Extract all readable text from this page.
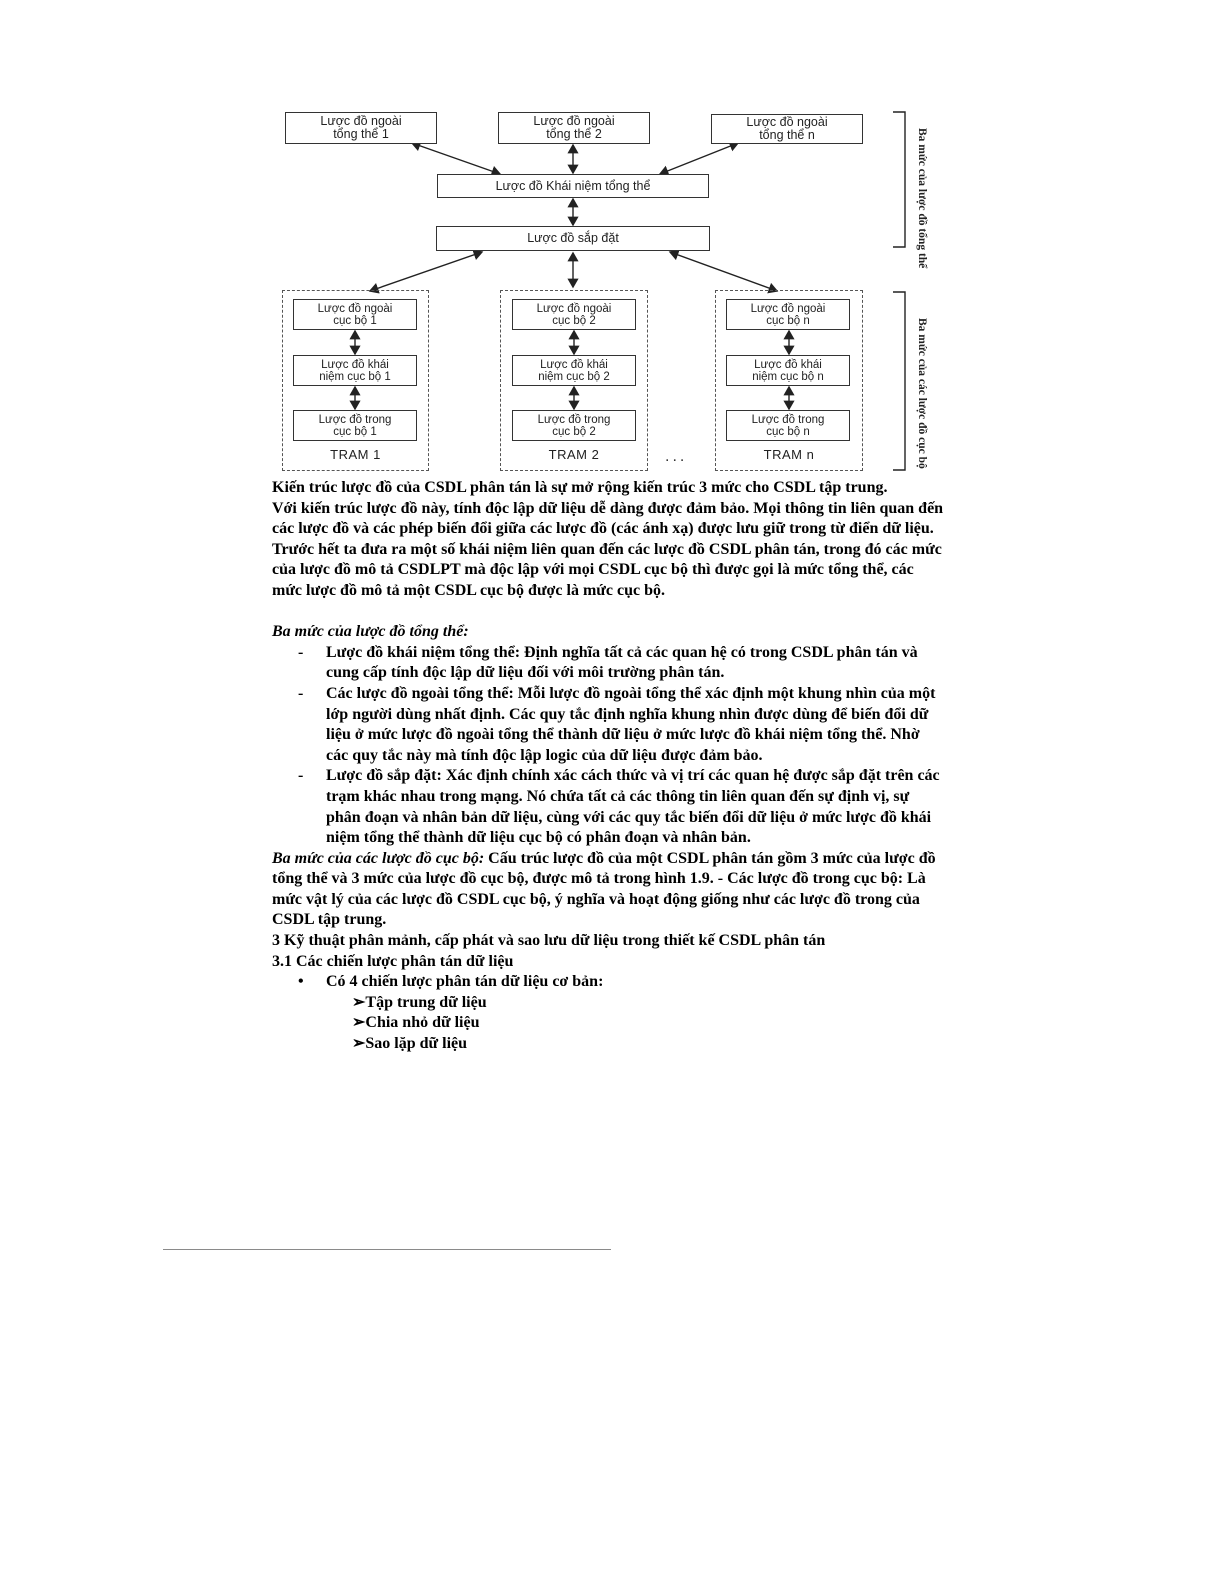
Lược đồ ngoài
tổng thể 1
Lược đồ ngoài
tổng thể 2
Lược đồ ngoài
tổng thể n
Lược đồ Khái niệm tổng thể
Lược đồ sắp đặt
Lược đồ ngoài
cục bộ 1
Lược đồ khái
niệm cục bộ 1
Lược đồ trong
cục bộ 1
TRAM 1
Lược đồ ngoài
cục bộ 2
Lược đồ khái
niệm cục bộ 2
Lược đồ trong
cục bộ 2
TRAM 2	...
Lược đồ ngoài
cục bộ n
Lược đồ khái
niệm cục bộ n
Lược đồ trong
cục bộ n
TRAM n
Ba mức của lược đồ tổng thể
Ba mức của các lược đồ cục bộ

Kiến trúc lược đồ của CSDL phân tán là sự mở rộng kiến trúc 3 mức cho CSDL tập trung.

Với kiến trúc lược đồ này, tính độc lập dữ liệu dễ dàng được đảm bảo. Mọi thông tin liên quan đến các lược đồ và các phép biến đổi giữa các lược đồ (các ánh xạ) được lưu giữ trong từ điển dữ liệu.

Trước hết ta đưa ra một số khái niệm liên quan đến các lược đồ CSDL phân tán, trong đó các mức của lược đồ mô tả CSDLPT mà độc lập với mọi CSDL cục bộ thì được gọi là mức tổng thể, các mức lược đồ mô tả một CSDL cục bộ được là mức cục bộ.

Ba mức của lược đồ tổng thể:

- Lược đồ khái niệm tổng thể: Định nghĩa tất cả các quan hệ có trong CSDL phân tán và cung cấp tính độc lập dữ liệu đối với môi trường phân tán.
- Các lược đồ ngoài tổng thể: Mỗi lược đồ ngoài tổng thể xác định một khung nhìn của một lớp người dùng nhất định. Các quy tắc định nghĩa khung nhìn được dùng để biến đổi dữ liệu ở mức lược đồ ngoài tổng thể thành dữ liệu ở mức lược đồ khái niệm tổng thể. Nhờ các quy tắc này mà tính độc lập logic của dữ liệu được đảm bảo.
- Lược đồ sắp đặt: Xác định chính xác cách thức và vị trí các quan hệ được sắp đặt trên các trạm khác nhau trong mạng. Nó chứa tất cả các thông tin liên quan đến sự định vị, sự phân đoạn và nhân bản dữ liệu, cùng với các quy tắc biến đổi dữ liệu ở mức lược đồ khái niệm tổng thể thành dữ liệu cục bộ có phân đoạn và nhân bản.

Ba mức của các lược đồ cục bộ: Cấu trúc lược đồ của một CSDL phân tán gồm 3 mức của lược đồ tổng thể và 3 mức của lược đồ cục bộ, được mô tả trong hình 1.9. - Các lược đồ trong cục bộ: Là mức vật lý của các lược đồ CSDL cục bộ, ý nghĩa và hoạt động giống như các lược đồ trong của CSDL tập trung.

3 Kỹ thuật phân mảnh, cấp phát và sao lưu dữ liệu trong thiết kế CSDL phân tán

3.1 Các chiến lược phân tán dữ liệu

• Có 4 chiến lược phân tán dữ liệu cơ bản:

➢Tập trung dữ liệu

➢Chia nhỏ dữ liệu

➢Sao lặp dữ liệu
